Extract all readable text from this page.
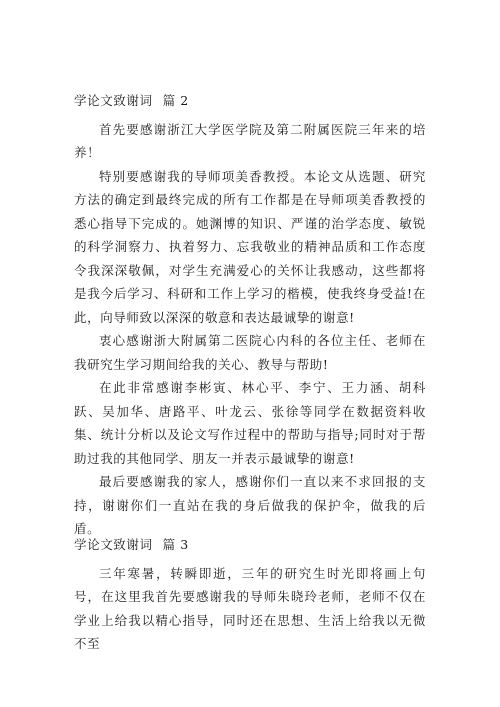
学论文致谢词 篇 2

首先要感谢浙江大学医学院及第二附属医院三年来的培养！

特别要感谢我的导师项美香教授。本论文从选题、研究方法的确定到最终完成的所有工作都是在导师项美香教授的悉心指导下完成的。她渊博的知识、严谨的治学态度、敏锐的科学洞察力、执着努力、忘我敬业的精神品质和工作态度令我深深敬佩，对学生充满爱心的关怀让我感动，这些都将是我今后学习、科研和工作上学习的楷模，使我终身受益!在此，向导师致以深深的敬意和表达最诚挚的谢意!

衷心感谢浙大附属第二医院心内科的各位主任、老师在我研究生学习期间给我的关心、教导与帮助!

在此非常感谢李彬寅、林心平、李宁、王力涵、胡科跃、吴加华、唐路平、叶龙云、张徐等同学在数据资料收集、统计分析以及论文写作过程中的帮助与指导;同时对于帮助过我的其他同学、朋友一并表示最诚挚的谢意!

最后要感谢我的家人，感谢你们一直以来不求回报的支持，谢谢你们一直站在我的身后做我的保护伞，做我的后盾。

学论文致谢词 篇 3

三年寒暑，转瞬即逝，三年的研究生时光即将画上句号，在这里我首先要感谢我的导师朱晓玲老师，老师不仅在学业上给我以精心指导，同时还在思想、生活上给我以无微不至
